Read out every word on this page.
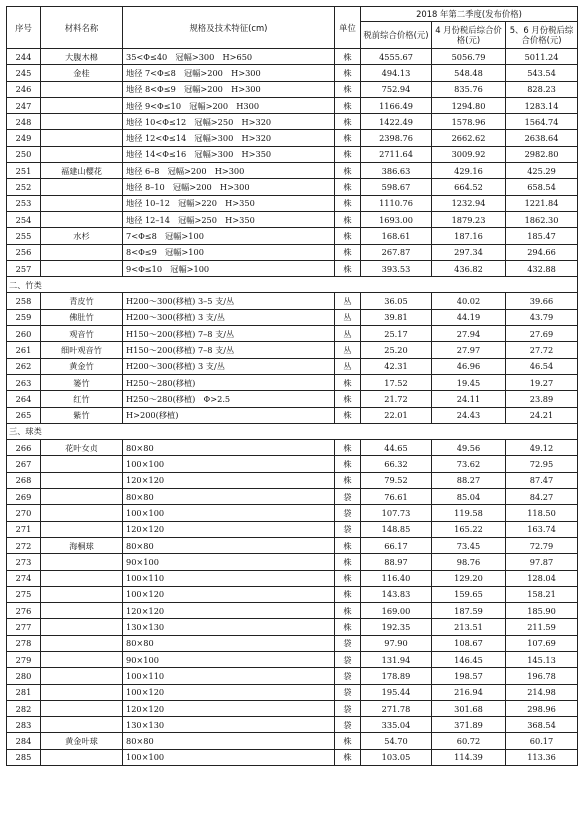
序号	材料名称	规格及技术特征(cm)	单位	2018 年第二季度(发布价格)		
				税前综合价格(元)	4 月份税后综合价格(元)	5、6 月份税后综合价格(元)
244	大腹木棉	35<Φ≤40　冠幅>300　H>650	株	4555.67	5056.79	5011.24
245	金桂	地径 7<Φ≤8　冠幅>200　H>300	株	494.13	548.48	543.54
246		地径 8<Φ≤9　冠幅>200　H>300	株	752.94	835.76	828.23
247		地径 9<Φ≤10　冠幅>200　H300	株	1166.49	1294.80	1283.14
248		地径 10<Φ≤12　冠幅>250　H>320	株	1422.49	1578.96	1564.74
249		地径 12<Φ≤14　冠幅>300　H>320	株	2398.76	2662.62	2638.64
250		地径 14<Φ≤16　冠幅>300　H>350	株	2711.64	3009.92	2982.80
251	福建山樱花	地径 6–8　冠幅>200　H>300	株	386.63	429.16	425.29
252		地径 8–10　冠幅>200　H>300	株	598.67	664.52	658.54
253		地径 10–12　冠幅>220　H>350	株	1110.76	1232.94	1221.84
254		地径 12–14　冠幅>250　H>350	株	1693.00	1879.23	1862.30
255	水杉	7<Φ≤8　冠幅>100	株	168.61	187.16	185.47
256		8<Φ≤9　冠幅>100	株	267.87	297.34	294.66
257		9<Φ≤10　冠幅>100	株	393.53	436.82	432.88
二、竹类						
258	青皮竹	H200～300(移植) 3–5 支/丛	丛	36.05	40.02	39.66
259	佛肚竹	H200～300(移植) 3 支/丛	丛	39.81	44.19	43.79
260	观音竹	H150～200(移植) 7–8 支/丛	丛	25.17	27.94	27.69
261	细叶观音竹	H150～200(移植) 7–8 支/丛	丛	25.20	27.97	27.72
262	黄金竹	H200～300(移植) 3 支/丛	丛	42.31	46.96	46.54
263	篓竹	H250～280(移植)	株	17.52	19.45	19.27
264	红竹	H250～280(移植)　Φ>2.5	株	21.72	24.11	23.89
265	紫竹	H>200(移植)	株	22.01	24.43	24.21
三、球类						
266	花叶女贞	80×80	株	44.65	49.56	49.12
267		100×100	株	66.32	73.62	72.95
268		120×120	株	79.52	88.27	87.47
269		80×80	袋	76.61	85.04	84.27
270		100×100	袋	107.73	119.58	118.50
271		120×120	袋	148.85	165.22	163.74
272	海桐球	80×80	株	66.17	73.45	72.79
273		90×100	株	88.97	98.76	97.87
274		100×110	株	116.40	129.20	128.04
275		100×120	株	143.83	159.65	158.21
276		120×120	株	169.00	187.59	185.90
277		130×130	株	192.35	213.51	211.59
278		80×80	袋	97.90	108.67	107.69
279		90×100	袋	131.94	146.45	145.13
280		100×110	袋	178.89	198.57	196.78
281		100×120	袋	195.44	216.94	214.98
282		120×120	袋	271.78	301.68	298.96
283		130×130	袋	335.04	371.89	368.54
284	黄金叶球	80×80	株	54.70	60.72	60.17
285		100×100	株	103.05	114.39	113.36
